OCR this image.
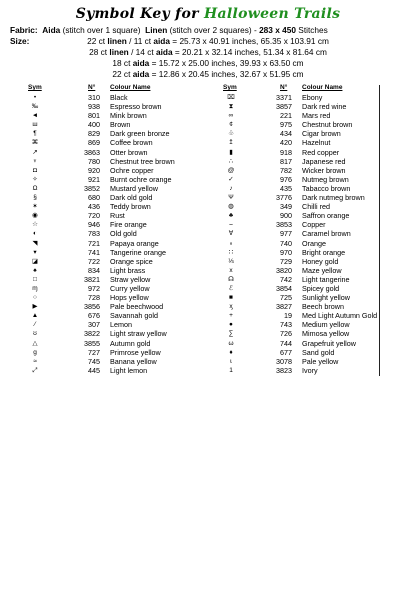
Symbol Key for Halloween Trails
Fabric: Aida (stitch over 1 square) Linen (stitch over 2 squares) - 283 x 450 Stitches
Size:	22 ct linen / 11 ct aida = 25.73 x 40.91 inches, 65.35 x 103.91 cm
28 ct linen / 14 ct aida = 20.21 x 32.14 inches, 51.34 x 81.64 cm
18 ct aida = 15.72 x 25.00 inches, 39.93 x 63.50 cm
22 ct aida = 12.86 x 20.45 inches, 32.67 x 51.95 cm
Sym	N° Colour Name	Sym	N° Colour Name
•	310 Black	⌧	3371 Ebony
‰	938 Espresso brown	⧗	3857 Dark red wine
◄	801 Mink brown	∞	221 Mars red
ш	400 Brown	¢	975 Chestnut brown
¶	829 Dark green bronze	♧	434 Cigar brown
⌘	869 Coffee brown	↥	420 Hazelnut
↗	3863 Otter brown	▮	918 Red copper
♆	780 Chestnut tree brown	∴	817 Japanese red
◘	920 Ochre copper	@	782 Wicker brown
✧	921 Burnt ochre orange	✓	976 Nutmeg brown
Ω	3852 Mustard yellow	♪	435 Tabacco brown
§	680 Dark old gold	Ψ	3776 Dark nutmeg brown
✶	436 Teddy brown	◍	349 Chilli red
◉	720 Rust	♣	900 Saffron orange
☆	946 Fire orange	⌣	3853 Copper
◐	783 Old gold	Ɐ	977 Caramel brown
◥	721 Papaya orange	∘	740 Orange
▾	741 Tangerine orange	∷	970 Bright orange
◪	722 Orange spice	⅓	729 Honey gold
♠	834 Light brass	x	3820 Maze yellow
□	3821 Straw yellow	☊	742 Light tangerine
ɱ	972 Curry yellow	ℰ	3854 Spicey gold
○	728 Hops yellow	■	725 Sunlight yellow
▶	3856 Pale beechwood	ӽ	3827 Beech brown
▲	676 Savannah gold	+	19 Med Light Autumn Gold
∕	307 Lemon	●	743 Medium yellow
ʊ	3822 Light straw yellow	∑	726 Mimosa yellow
△	3855 Autumn gold	ω	744 Grapefruit yellow
g	727 Primrose yellow	♦	677 Sand gold
≈	745 Banana yellow	ɩ	3078 Pale yellow
⤢	445 Light lemon	1	3823 Ivory
